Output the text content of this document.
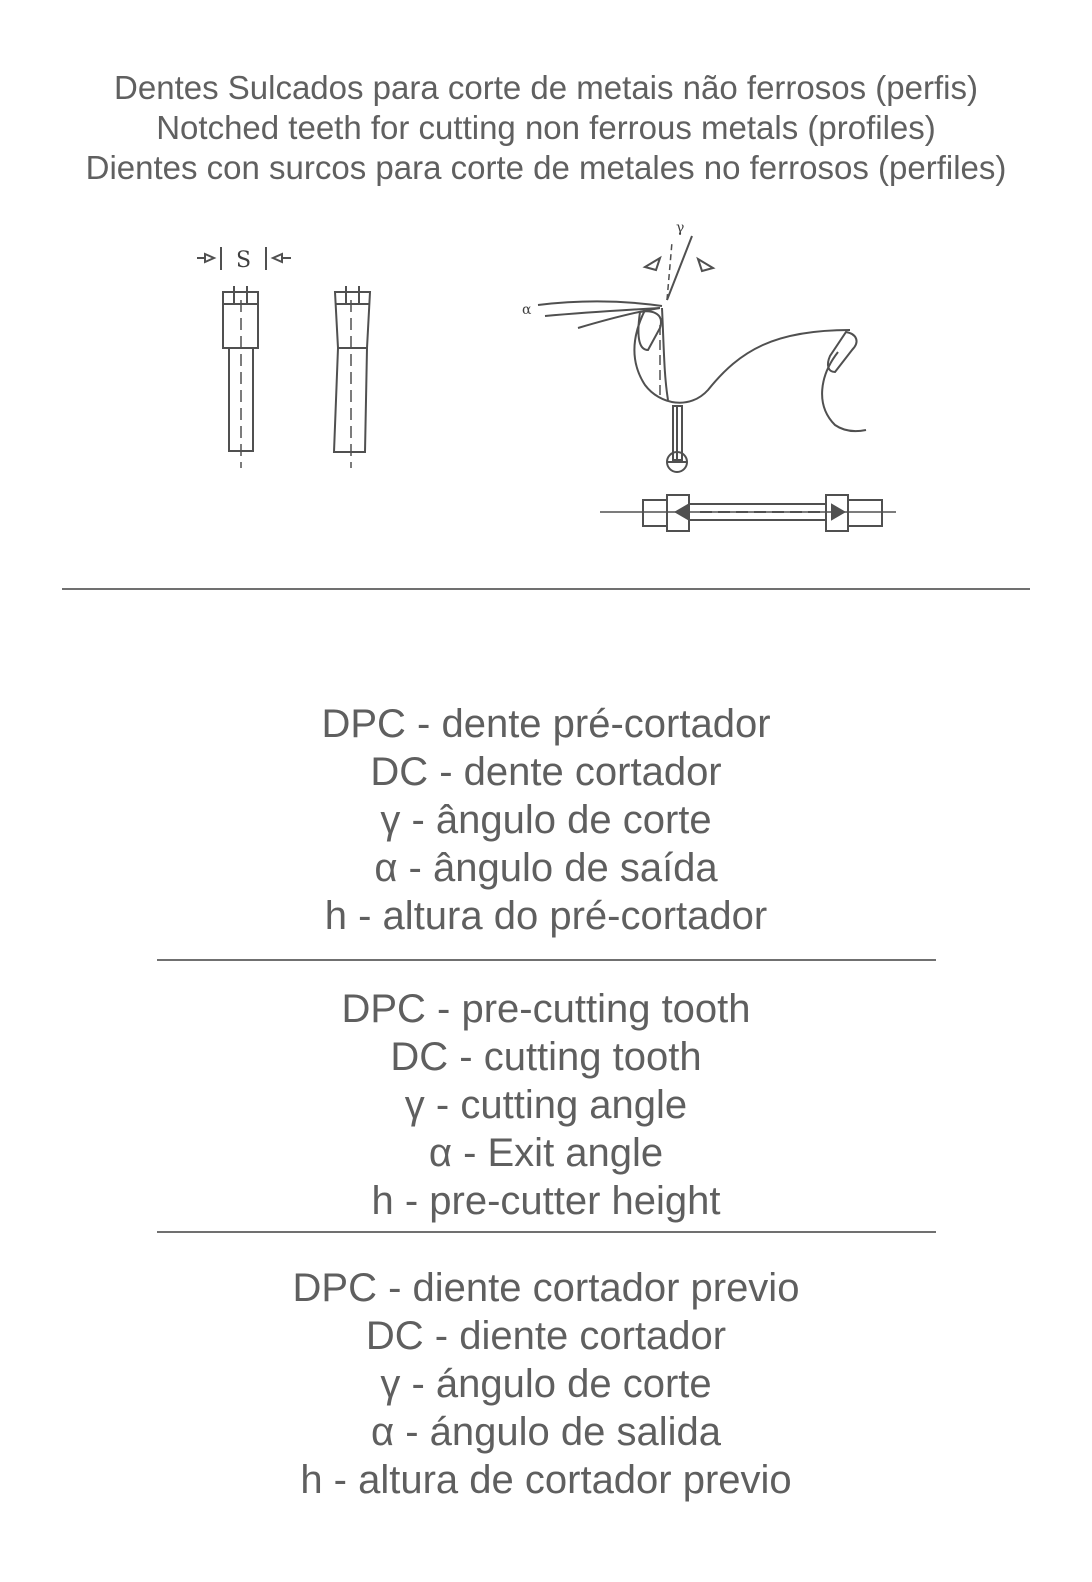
Dentes Sulcados para corte de metais não ferrosos (perfis)
Notched teeth for cutting non ferrous metals (profiles)
Dientes con surcos para corte de metales no ferrosos (perfiles)
S
γ
α
DPC - dente pré-cortador
DC - dente cortador
γ - ângulo de corte
α - ângulo de saída
h - altura do pré-cortador
DPC - pre-cutting tooth
DC - cutting tooth
γ - cutting angle
α - Exit angle
h - pre-cutter height
DPC - diente cortador previo
DC - diente cortador
γ - ángulo de corte
α - ángulo de salida
h - altura de cortador previo
